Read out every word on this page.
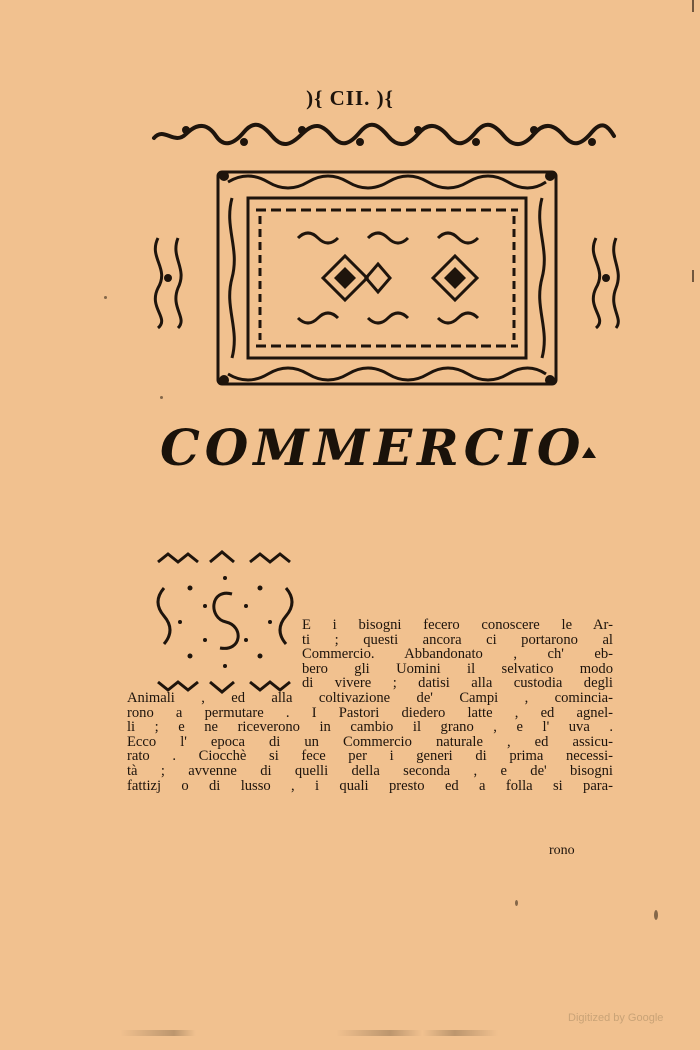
){ CII. ){
COMMERCIO
E i bisogni fecero conoscere le Ar-
ti ; questi ancora ci portarono al
Commercio. Abbandonato , ch' eb-
bero gli Uomini il selvatico modo
di vivere ; datisi alla custodia degli
Animali , ed alla coltivazione de' Campi , comincia-
rono a permutare . I Pastori diedero latte , ed agnel-
li ; e ne riceverono in cambio il grano , e l' uva .
Ecco l' epoca di un Commercio naturale , ed assicu-
rato . Ciocchè si fece per i generi di prima necessi-
tà ; avvenne di quelli della seconda , e de' bisogni
fattizj o di lusso , i quali presto ed a folla si para-
rono
Digitized by Google
